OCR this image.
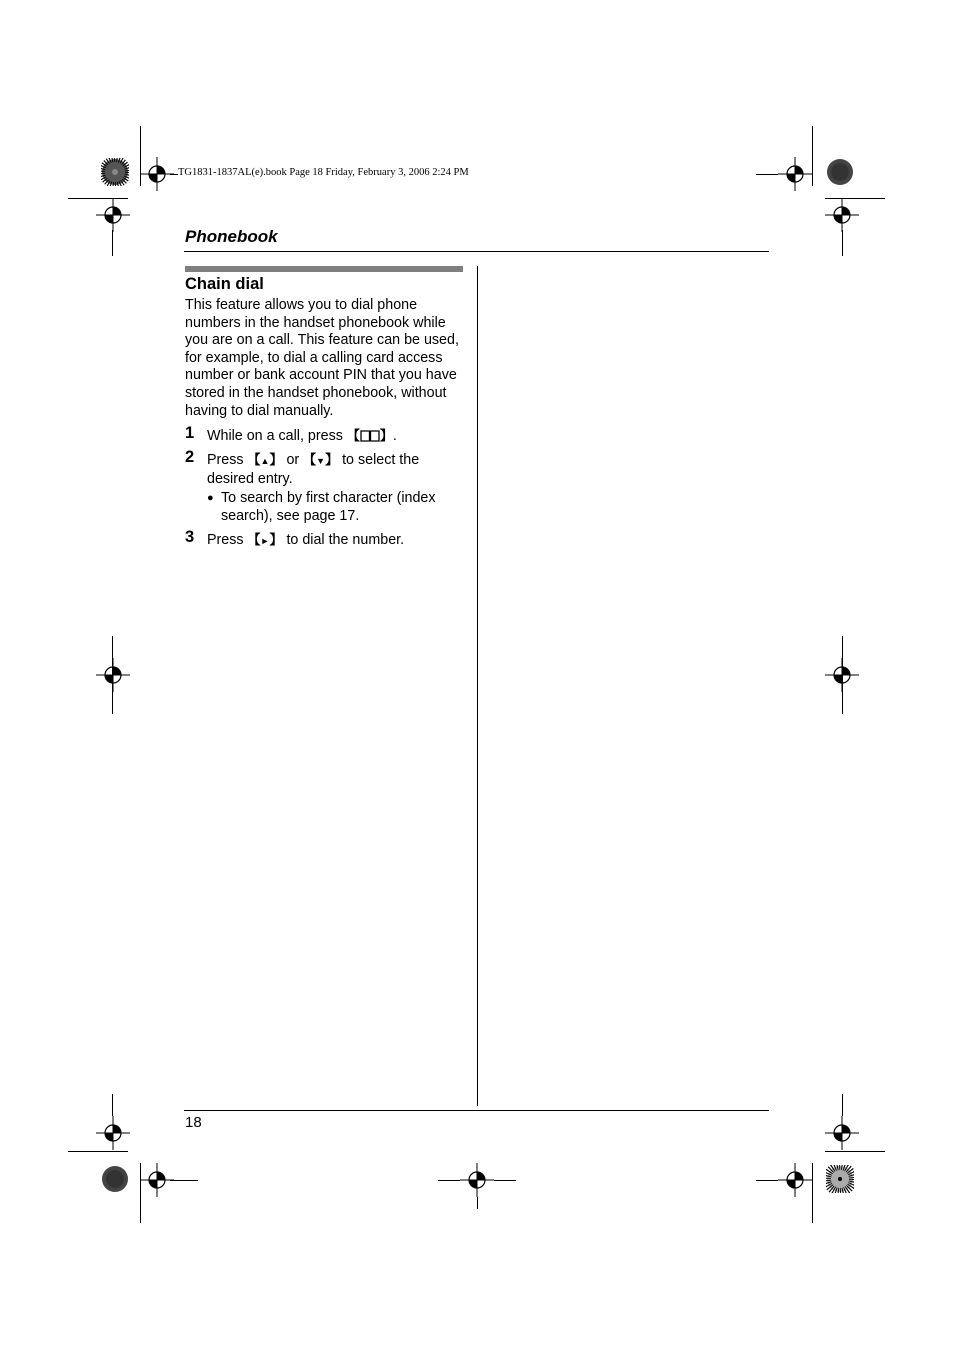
TG1831-1837AL(e).book Page 18 Friday, February 3, 2006 2:24 PM
Phonebook
Chain dial
This feature allows you to dial phone numbers in the handset phonebook while you are on a call. This feature can be used, for example, to dial a calling card access number or bank account PIN that you have stored in the handset phonebook, without having to dial manually.
1 While on a call, press 【 】.
2 Press 【▲】 or 【▼】 to select the desired entry.
● To search by first character (index search), see page 17.
3 Press 【►】 to dial the number.
18
